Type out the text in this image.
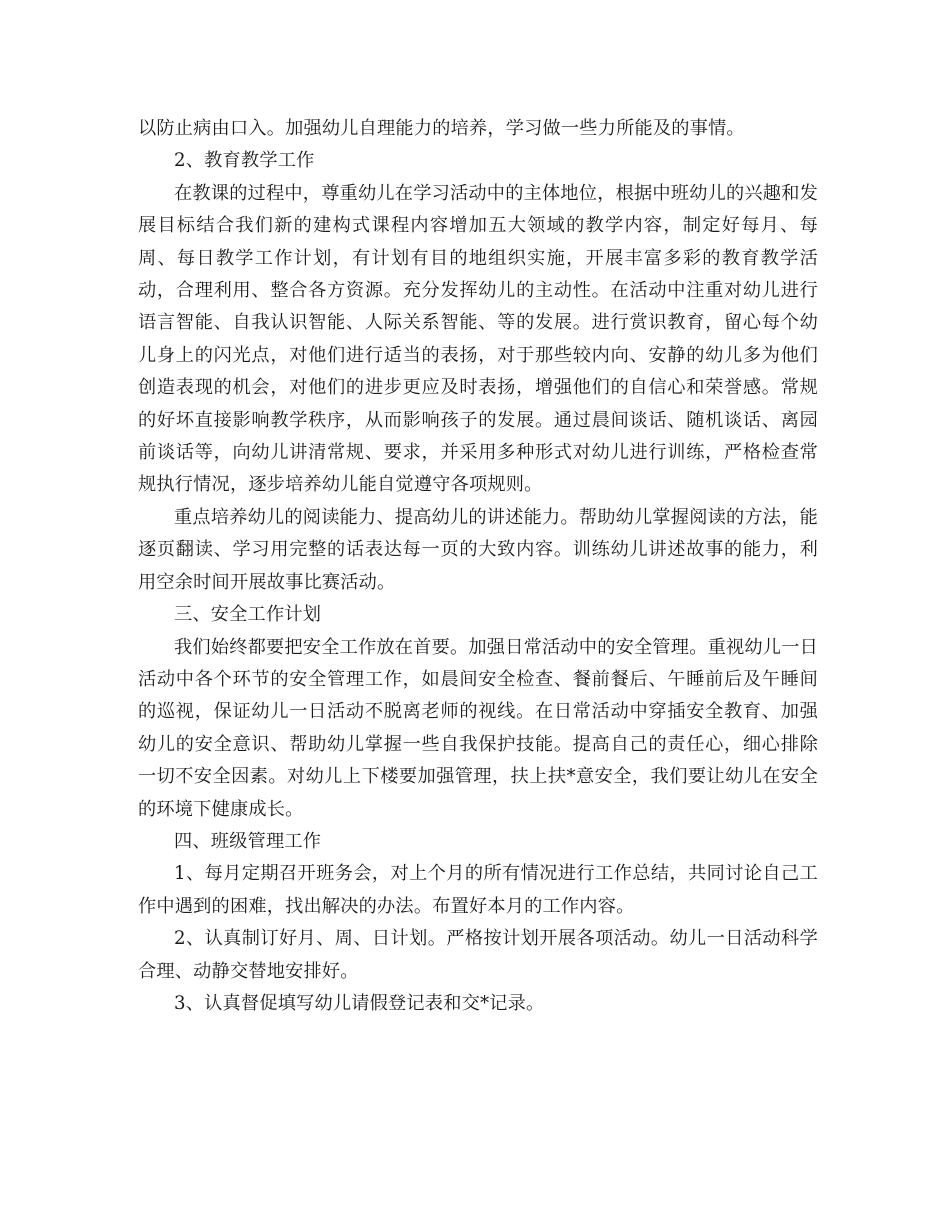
以防止病由口入。加强幼儿自理能力的培养，学习做一些力所能及的事情。

2、教育教学工作

在教课的过程中，尊重幼儿在学习活动中的主体地位，根据中班幼儿的兴趣和发展目标结合我们新的建构式课程内容增加五大领域的教学内容，制定好每月、每周、每日教学工作计划，有计划有目的地组织实施，开展丰富多彩的教育教学活动，合理利用、整合各方资源。充分发挥幼儿的主动性。在活动中注重对幼儿进行语言智能、自我认识智能、人际关系智能、等的发展。进行赏识教育，留心每个幼儿身上的闪光点，对他们进行适当的表扬，对于那些较内向、安静的幼儿多为他们创造表现的机会，对他们的进步更应及时表扬，增强他们的自信心和荣誉感。常规的好坏直接影响教学秩序，从而影响孩子的发展。通过晨间谈话、随机谈话、离园前谈话等，向幼儿讲清常规、要求，并采用多种形式对幼儿进行训练，严格检查常规执行情况，逐步培养幼儿能自觉遵守各项规则。

重点培养幼儿的阅读能力、提高幼儿的讲述能力。帮助幼儿掌握阅读的方法，能逐页翻读、学习用完整的话表达每一页的大致内容。训练幼儿讲述故事的能力，利用空余时间开展故事比赛活动。

三、安全工作计划

我们始终都要把安全工作放在首要。加强日常活动中的安全管理。重视幼儿一日活动中各个环节的安全管理工作，如晨间安全检查、餐前餐后、午睡前后及午睡间的巡视，保证幼儿一日活动不脱离老师的视线。在日常活动中穿插安全教育、加强幼儿的安全意识、帮助幼儿掌握一些自我保护技能。提高自己的责任心，细心排除一切不安全因素。对幼儿上下楼要加强管理，扶上扶*意安全，我们要让幼儿在安全的环境下健康成长。

四、班级管理工作

1、每月定期召开班务会，对上个月的所有情况进行工作总结，共同讨论自己工作中遇到的困难，找出解决的办法。布置好本月的工作内容。

2、认真制订好月、周、日计划。严格按计划开展各项活动。幼儿一日活动科学合理、动静交替地安排好。

3、认真督促填写幼儿请假登记表和交*记录。
